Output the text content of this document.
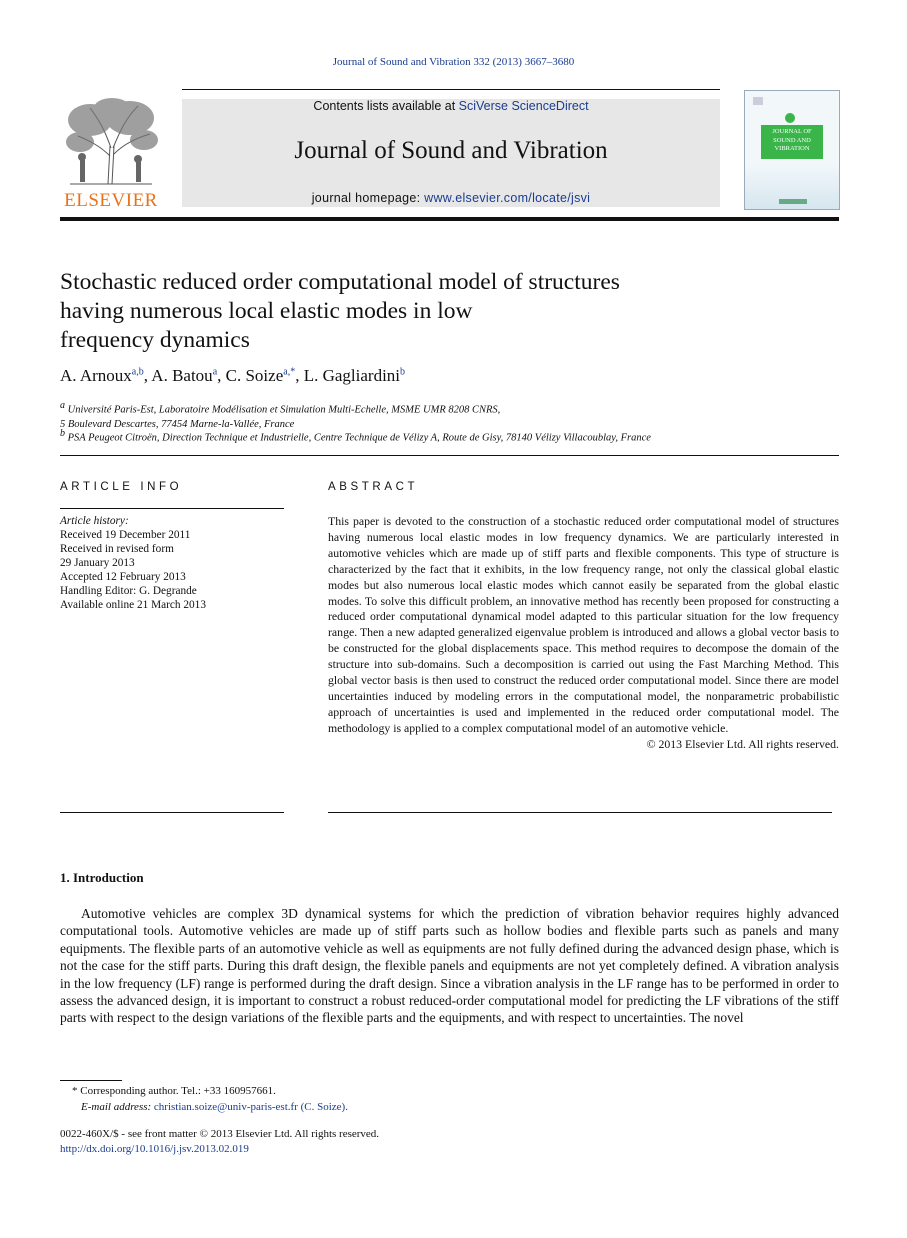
Journal of Sound and Vibration 332 (2013) 3667–3680
ELSEVIER
Contents lists available at SciVerse ScienceDirect
Journal of Sound and Vibration
journal homepage: www.elsevier.com/locate/jsvi
JOURNAL OF
SOUND AND
VIBRATION
Stochastic reduced order computational model of structures
having numerous local elastic modes in low
frequency dynamics
A. Arnoux$^{a,b}$, A. Batou$^a$, C. Soize$^{a,*}$, L. Gagliardini$^b$
$^a$ Université Paris-Est, Laboratoire Modélisation et Simulation Multi-Echelle, MSME UMR 8208 CNRS,
5 Boulevard Descartes, 77454 Marne-la-Vallée, France
$^b$ PSA Peugeot Citroën, Direction Technique et Industrielle, Centre Technique de Vélizy A, Route de Gisy, 78140 Vélizy Villacoublay, France
ARTICLE INFO
Article history:
Received 19 December 2011
Received in revised form
29 January 2013
Accepted 12 February 2013
Handling Editor: G. Degrande
Available online 21 March 2013
ABSTRACT
This paper is devoted to the construction of a stochastic reduced order computational model of structures having numerous local elastic modes in low frequency dynamics. We are particularly interested in automotive vehicles which are made up of stiff parts and flexible components. This type of structure is characterized by the fact that it exhibits, in the low frequency range, not only the classical global elastic modes but also numerous local elastic modes which cannot easily be separated from the global elastic modes. To solve this difficult problem, an innovative method has recently been proposed for constructing a reduced order computational dynamical model adapted to this particular situation for the low frequency range. Then a new adapted generalized eigenvalue problem is introduced and allows a global vector basis to be constructed for the global displacements space. This method requires to decompose the domain of the structure into sub-domains. Such a decomposition is carried out using the Fast Marching Method. This global vector basis is then used to construct the reduced order computational model. Since there are model uncertainties induced by modeling errors in the computational model, the nonparametric probabilistic approach of uncertainties is used and implemented in the reduced order computational model. The methodology is applied to a complex computational model of an automotive vehicle.
© 2013 Elsevier Ltd. All rights reserved.
1. Introduction
Automotive vehicles are complex 3D dynamical systems for which the prediction of vibration behavior requires highly advanced computational tools. Automotive vehicles are made up of stiff parts such as hollow bodies and flexible parts such as panels and many equipments. The flexible parts of an automotive vehicle as well as equipments are not fully defined during the advanced design phase, which is not the case for the stiff parts. During this draft design, the flexible panels and equipments are not yet completely defined. A vibration analysis in the low frequency (LF) range is performed during the draft design. Since a vibration analysis in the LF range has to be performed in order to assess the advanced design, it is important to construct a robust reduced-order computational model for predicting the LF vibrations of the stiff parts with respect to the design variations of the flexible parts and the equipments, and with respect to uncertainties. The novel
* Corresponding author. Tel.: +33 160957661.
E-mail address: christian.soize@univ-paris-est.fr (C. Soize).
0022-460X/$ - see front matter © 2013 Elsevier Ltd. All rights reserved.
http://dx.doi.org/10.1016/j.jsv.2013.02.019
